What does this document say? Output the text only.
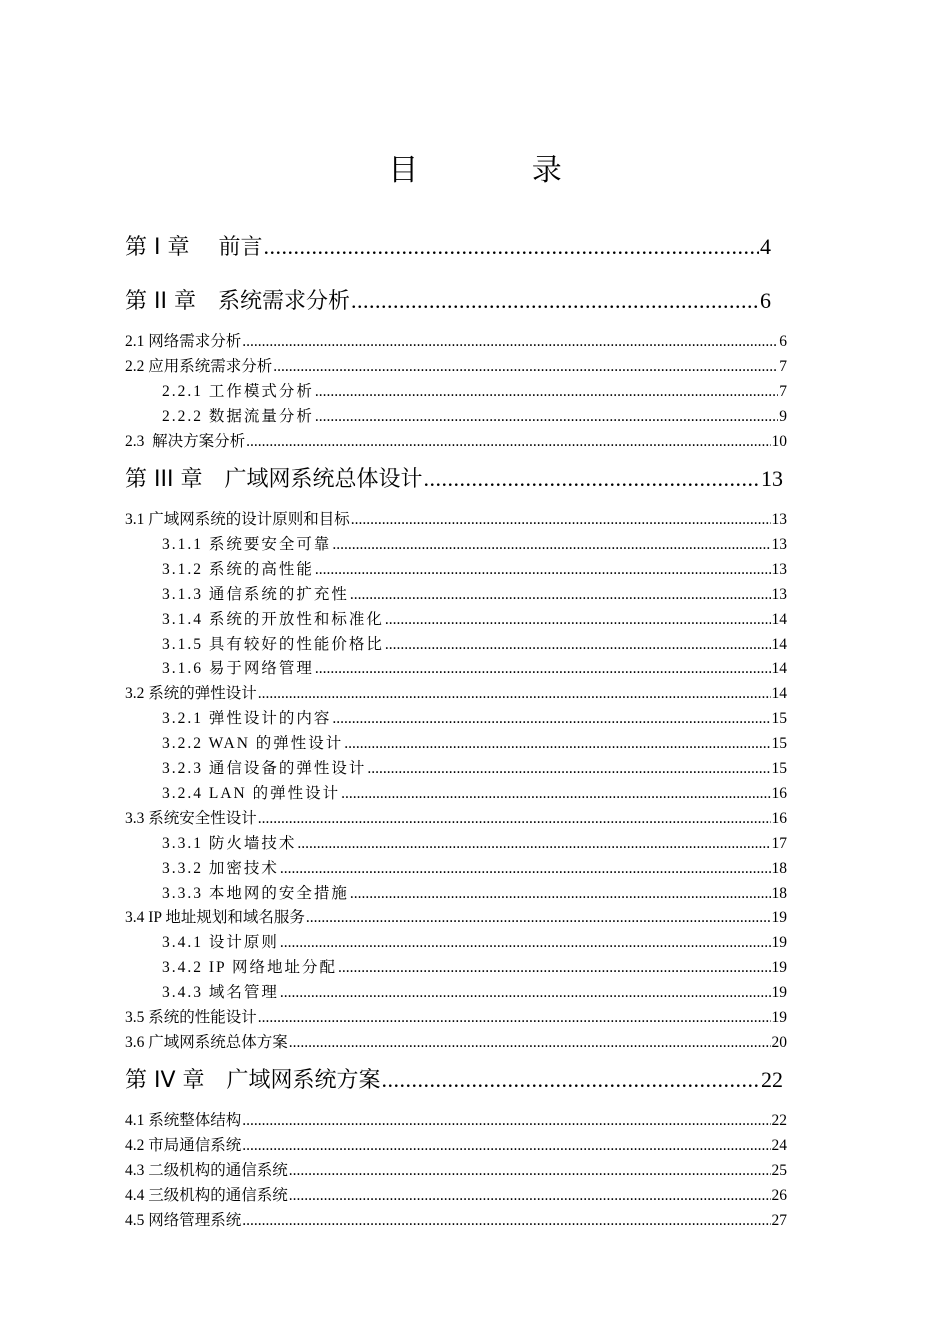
目 录
第 I 章　 前言 .....	4
第 II 章　系统需求分析 .....	6
2.1 网络需求分析 .....	6
2.2 应用系统需求分析 .....	7
2.2.1 工作模式分析 .....	7
2.2.2 数据流量分析 .....	9
2.3  解决方案分析 .....	10
第 III 章　广域网系统总体设计 .....	13
3.1 广域网系统的设计原则和目标 .....	13
3.1.1 系统要安全可靠 .....	13
3.1.2 系统的高性能 .....	13
3.1.3 通信系统的扩充性 .....	13
3.1.4 系统的开放性和标准化 .....	14
3.1.5 具有较好的性能价格比 .....	14
3.1.6 易于网络管理 .....	14
3.2 系统的弹性设计 .....	14
3.2.1 弹性设计的内容 .....	15
3.2.2 WAN 的弹性设计 .....	15
3.2.3 通信设备的弹性设计 .....	15
3.2.4 LAN 的弹性设计 .....	16
3.3 系统安全性设计 .....	16
3.3.1 防火墙技术 .....	17
3.3.2 加密技术 .....	18
3.3.3 本地网的安全措施 .....	18
3.4 IP 地址规划和域名服务 .....	19
3.4.1 设计原则 .....	19
3.4.2 IP 网络地址分配 .....	19
3.4.3 域名管理 .....	19
3.5 系统的性能设计 .....	19
3.6 广域网系统总体方案 .....	20
第 IV 章　广域网系统方案 .....	22
4.1 系统整体结构 .....	22
4.2 市局通信系统 .....	24
4.3 二级机构的通信系统 .....	25
4.4 三级机构的通信系统 .....	26
4.5 网络管理系统 .....	27
